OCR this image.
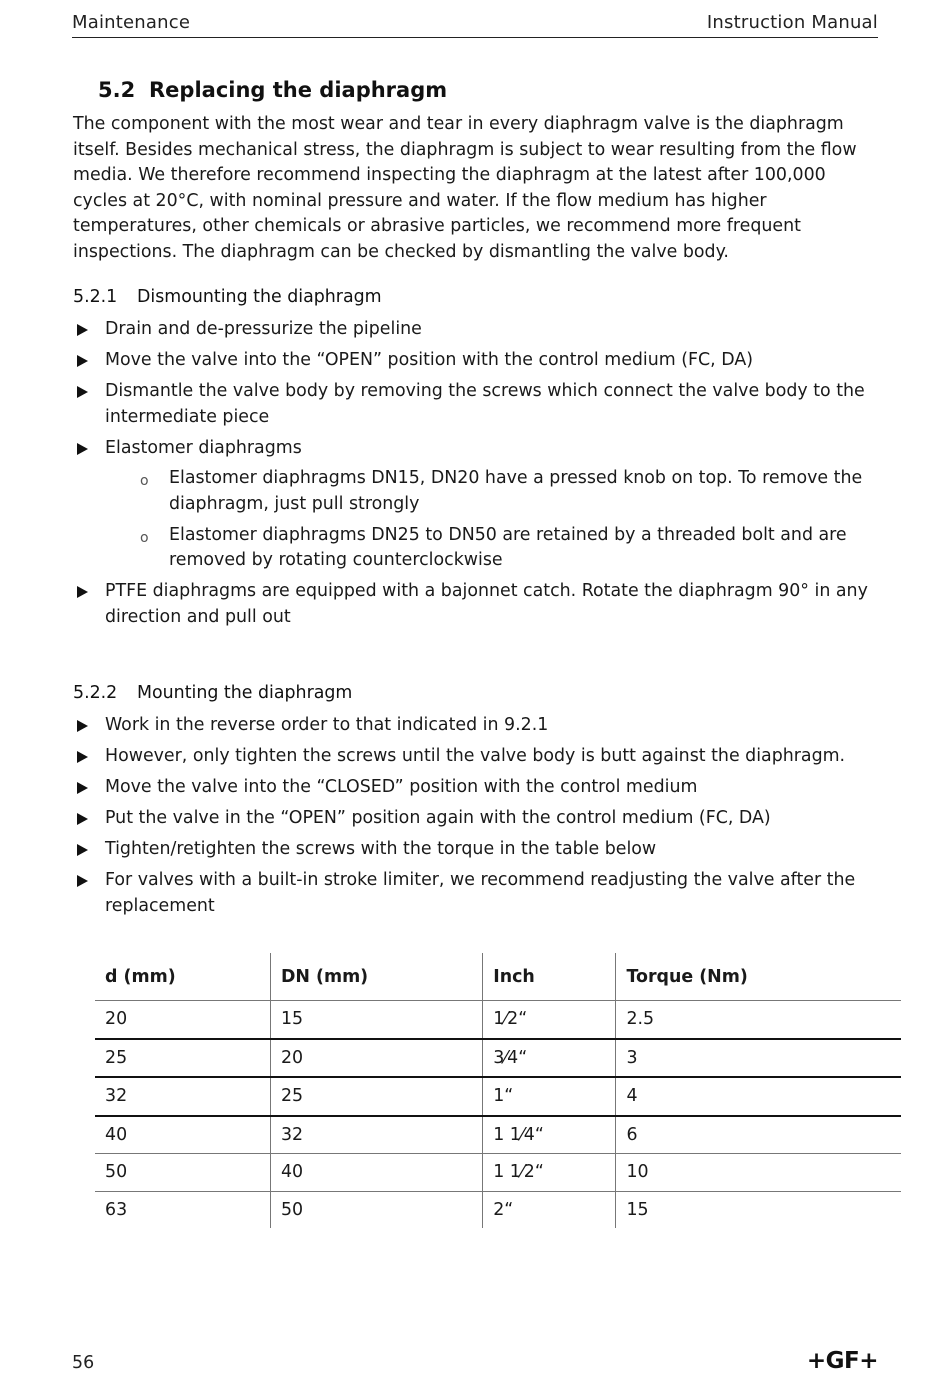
Maintenance	Instruction Manual
5.2 Replacing the diaphragm
The component with the most wear and tear in every diaphragm valve is the diaphragm itself. Besides mechanical stress, the diaphragm is subject to wear resulting from the flow media. We therefore recommend inspecting the diaphragm at the latest after 100,000 cycles at 20°C, with nominal pressure and water. If the flow medium has higher temperatures, other chemicals or abrasive particles, we recommend more frequent inspections. The diaphragm can be checked by dismantling the valve body.
5.2.1 Dismounting the diaphragm
Drain and de-pressurize the pipeline
Move the valve into the “OPEN” position with the control medium (FC, DA)
Dismantle the valve body by removing the screws which connect the valve body to the intermediate piece
Elastomer diaphragms
o Elastomer diaphragms DN15, DN20 have a pressed knob on top. To remove the diaphragm, just pull strongly
o Elastomer diaphragms DN25 to DN50 are retained by a threaded bolt and are removed by rotating counterclockwise
PTFE diaphragms are equipped with a bajonnet catch. Rotate the diaphragm 90° in any direction and pull out
5.2.2 Mounting the diaphragm
Work in the reverse order to that indicated in 9.2.1
However, only tighten the screws until the valve body is butt against the diaphragm.
Move the valve into the “CLOSED” position with the control medium
Put the valve in the “OPEN” position again with the control medium (FC, DA)
Tighten/retighten the screws with the torque in the table below
For valves with a built-in stroke limiter, we recommend readjusting the valve after the replacement
d (mm)	DN (mm)	Inch	Torque (Nm)
20	15	1⁄2“	2.5
25	20	3⁄4“	3
32	25	1“	4
40	32	1 1⁄4“	6
50	40	1 1⁄2“	10
63	50	2“	15
56	+GF+
